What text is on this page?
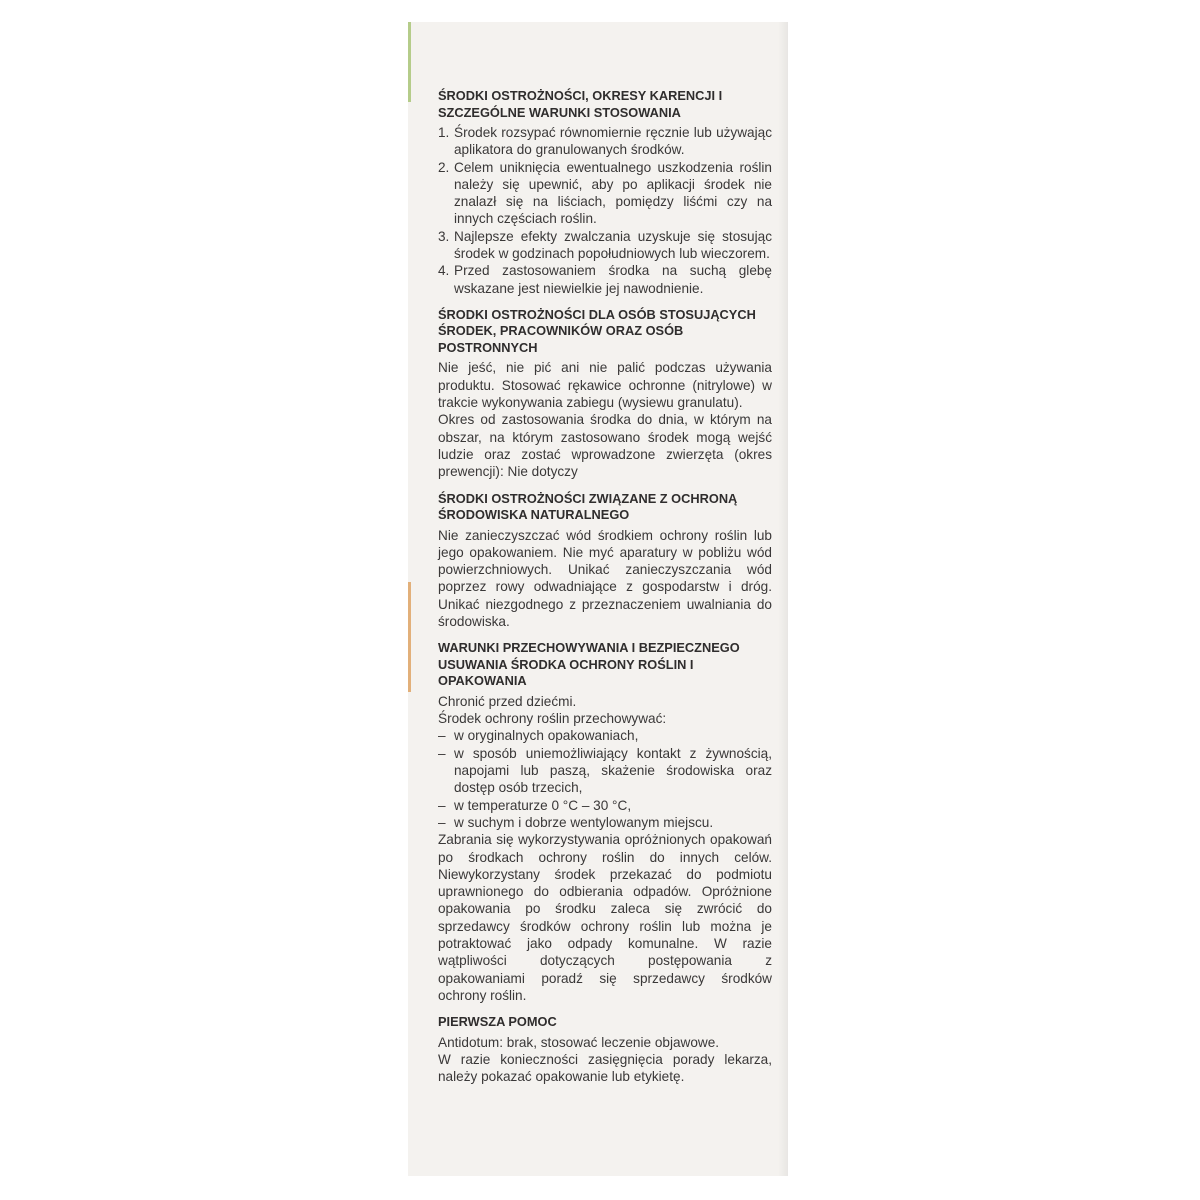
ŚRODKI OSTROŻNOŚCI, OKRESY KARENCJI I SZCZEGÓLNE WARUNKI STOSOWANIA
1. Środek rozsypać równomiernie ręcznie lub używając aplikatora do granulowanych środków.
2. Celem uniknięcia ewentualnego uszkodzenia roślin należy się upewnić, aby po aplikacji środek nie znalazł się na liściach, pomiędzy liśćmi czy na innych częściach roślin.
3. Najlepsze efekty zwalczania uzyskuje się stosując środek w godzinach popołudniowych lub wieczorem.
4. Przed zastosowaniem środka na suchą glebę wskazane jest niewielkie jej nawodnienie.
ŚRODKI OSTROŻNOŚCI DLA OSÓB STOSUJĄCYCH ŚRODEK, PRACOWNIKÓW ORAZ OSÓB POSTRONNYCH

Nie jeść, nie pić ani nie palić podczas używania produktu. Stosować rękawice ochronne (nitrylowe) w trakcie wykonywania zabiegu (wysiewu granulatu).

Okres od zastosowania środka do dnia, w którym na obszar, na którym zastosowano środek mogą wejść ludzie oraz zostać wprowadzone zwierzęta (okres prewencji): Nie dotyczy

ŚRODKI OSTROŻNOŚCI ZWIĄZANE Z OCHRONĄ ŚRODOWISKA NATURALNEGO

Nie zanieczyszczać wód środkiem ochrony roślin lub jego opakowaniem. Nie myć aparatury w pobliżu wód powierzchniowych. Unikać zanieczyszczania wód poprzez rowy odwadniające z gospodarstw i dróg. Unikać niezgodnego z przeznaczeniem uwalniania do środowiska.

WARUNKI PRZECHOWYWANIA I BEZPIECZNEGO USUWANIA ŚRODKA OCHRONY ROŚLIN I OPAKOWANIA

Chronić przed dziećmi.

Środek ochrony roślin przechowywać:

– w oryginalnych opakowaniach,
– w sposób uniemożliwiający kontakt z żywnością, napojami lub paszą, skażenie środowiska oraz dostęp osób trzecich,
– w temperaturze 0 °C – 30 °C,
– w suchym i dobrze wentylowanym miejscu.

Zabrania się wykorzystywania opróżnionych opakowań po środkach ochrony roślin do innych celów. Niewykorzystany środek przekazać do podmiotu uprawnionego do odbierania odpadów. Opróżnione opakowania po środku zaleca się zwrócić do sprzedawcy środków ochrony roślin lub można je potraktować jako odpady komunalne. W razie wątpliwości dotyczących postępowania z opakowaniami poradź się sprzedawcy środków ochrony roślin.

PIERWSZA POMOC

Antidotum: brak, stosować leczenie objawowe.

W razie konieczności zasięgnięcia porady lekarza, należy pokazać opakowanie lub etykietę.
